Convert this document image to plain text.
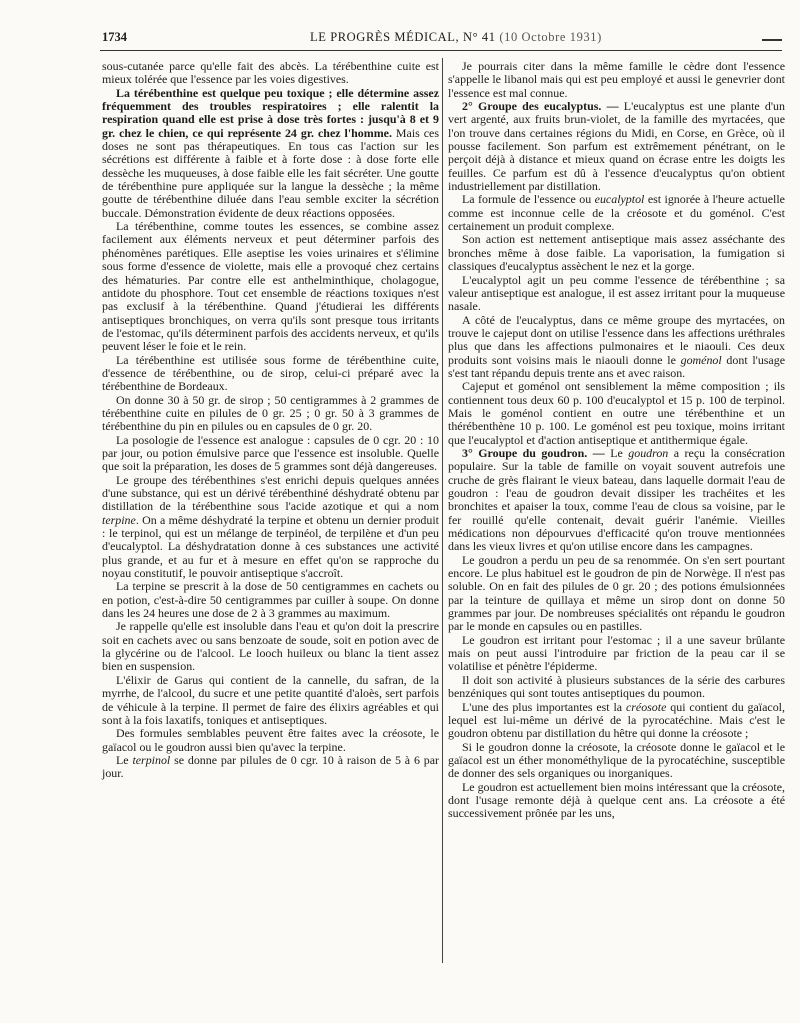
1734	LE PROGRÈS MÉDICAL, N° 41 (10 Octobre 1931)

sous-cutanée parce qu'elle fait des abcès. La térébenthine cuite est mieux tolérée que l'essence par les voies digestives.

La térébenthine est quelque peu toxique ; elle détermine assez fréquemment des troubles respiratoires ; elle ralentit la respiration quand elle est prise à dose très fortes : jusqu'à 8 et 9 gr. chez le chien, ce qui représente 24 gr. chez l'homme. Mais ces doses ne sont pas thérapeutiques. En tous cas l'action sur les sécrétions est différente à faible et à forte dose : à dose forte elle dessèche les muqueuses, à dose faible elle les fait sécréter. Une goutte de térébenthine pure appliquée sur la langue la dessèche ; la même goutte de térébenthine diluée dans l'eau semble exciter la sécrétion buccale. Démonstration évidente de deux réactions opposées.

La térébenthine, comme toutes les essences, se combine assez facilement aux éléments nerveux et peut déterminer parfois des phénomènes parétiques. Elle aseptise les voies urinaires et s'élimine sous forme d'essence de violette, mais elle a provoqué chez certains des hématuries. Par contre elle est anthelminthique, cholagogue, antidote du phosphore. Tout cet ensemble de réactions toxiques n'est pas exclusif à la térébenthine. Quand j'étudierai les différents antiseptiques bronchiques, on verra qu'ils sont presque tous irritants de l'estomac, qu'ils déterminent parfois des accidents nerveux, et qu'ils peuvent léser le foie et le rein.

La térébenthine est utilisée sous forme de térébenthine cuite, d'essence de térébenthine, ou de sirop, celui-ci préparé avec la térébenthine de Bordeaux.

On donne 30 à 50 gr. de sirop ; 50 centigrammes à 2 grammes de térébenthine cuite en pilules de 0 gr. 25 ; 0 gr. 50 à 3 grammes de térébenthine du pin en pilules ou en capsules de 0 gr. 20.

La posologie de l'essence est analogue : capsules de 0 cgr. 20 : 10 par jour, ou potion émulsive parce que l'essence est insoluble. Quelle que soit la préparation, les doses de 5 grammes sont déjà dangereuses.

Le groupe des térébenthines s'est enrichi depuis quelques années d'une substance, qui est un dérivé térébenthiné déshydraté obtenu par distillation de la térébenthine sous l'acide azotique et qui a nom terpine. On a même déshydraté la terpine et obtenu un dernier produit : le terpinol, qui est un mélange de terpinéol, de terpilène et d'un peu d'eucalyptol. La déshydratation donne à ces substances une activité plus grande, et au fur et à mesure en effet qu'on se rapproche du noyau constitutif, le pouvoir antiseptique s'accroît.

La terpine se prescrit à la dose de 50 centigrammes en cachets ou en potion, c'est-à-dire 50 centigrammes par cuiller à soupe. On donne dans les 24 heures une dose de 2 à 3 grammes au maximum.

Je rappelle qu'elle est insoluble dans l'eau et qu'on doit la prescrire soit en cachets avec ou sans benzoate de soude, soit en potion avec de la glycérine ou de l'alcool. Le looch huileux ou blanc la tient assez bien en suspension.

L'élixir de Garus qui contient de la cannelle, du safran, de la myrrhe, de l'alcool, du sucre et une petite quantité d'aloès, sert parfois de véhicule à la terpine. Il permet de faire des élixirs agréables et qui sont à la fois laxatifs, toniques et antiseptiques.

Des formules semblables peuvent être faites avec la créosote, le gaïacol ou le goudron aussi bien qu'avec la terpine.

Le terpinol se donne par pilules de 0 cgr. 10 à raison de 5 à 6 par jour.

Je pourrais citer dans la même famille le cèdre dont l'essence s'appelle le libanol mais qui est peu employé et aussi le genevrier dont l'essence est mal connue.

2° Groupe des eucalyptus. — L'eucalyptus est une plante d'un vert argenté, aux fruits brun-violet, de la famille des myrtacées, que l'on trouve dans certaines régions du Midi, en Corse, en Grèce, où il pousse facilement. Son parfum est extrêmement pénétrant, on le perçoit déjà à distance et mieux quand on écrase entre les doigts les feuilles. Ce parfum est dû à l'essence d'eucalyptus qu'on obtient industriellement par distillation.

La formule de l'essence ou eucalyptol est ignorée à l'heure actuelle comme est inconnue celle de la créosote et du goménol. C'est certainement un produit complexe.

Son action est nettement antiseptique mais assez asséchante des bronches même à dose faible. La vaporisation, la fumigation si classiques d'eucalyptus assèchent le nez et la gorge.

L'eucalyptol agit un peu comme l'essence de térébenthine ; sa valeur antiseptique est analogue, il est assez irritant pour la muqueuse nasale.

A côté de l'eucalyptus, dans ce même groupe des myrtacées, on trouve le cajeput dont on utilise l'essence dans les affections uréthrales plus que dans les affections pulmonaires et le niaouli. Ces deux produits sont voisins mais le niaouli donne le goménol dont l'usage s'est tant répandu depuis trente ans et avec raison.

Cajeput et goménol ont sensiblement la même composition ; ils contiennent tous deux 60 p. 100 d'eucalyptol et 15 p. 100 de terpinol. Mais le goménol contient en outre une térébenthine et un thérébenthène 10 p. 100. Le goménol est peu toxique, moins irritant que l'eucalyptol et d'action antiseptique et antithermique égale.

3° Groupe du goudron. — Le goudron a reçu la consécration populaire. Sur la table de famille on voyait souvent autrefois une cruche de grès flairant le vieux bateau, dans laquelle dormait l'eau de goudron : l'eau de goudron devait dissiper les trachéites et les bronchites et apaiser la toux, comme l'eau de clous sa voisine, par le fer rouillé qu'elle contenait, devait guérir l'anémie. Vieilles médications non dépourvues d'efficacité qu'on trouve mentionnées dans les vieux livres et qu'on utilise encore dans les campagnes.

Le goudron a perdu un peu de sa renommée. On s'en sert pourtant encore. Le plus habituel est le goudron de pin de Norwège. Il n'est pas soluble. On en fait des pilules de 0 gr. 20 ; des potions émulsionnées par la teinture de quillaya et même un sirop dont on donne 50 grammes par jour. De nombreuses spécialités ont répandu le goudron par le monde en capsules ou en pastilles.

Le goudron est irritant pour l'estomac ; il a une saveur brûlante mais on peut aussi l'introduire par friction de la peau car il se volatilise et pénètre l'épiderme.

Il doit son activité à plusieurs substances de la série des carbures benzéniques qui sont toutes antiseptiques du poumon.

L'une des plus importantes est la créosote qui contient du gaïacol, lequel est lui-même un dérivé de la pyrocatéchine. Mais c'est le goudron obtenu par distillation du hêtre qui donne la créosote ;

Si le goudron donne la créosote, la créosote donne le gaïacol et le gaïacol est un éther monométhylique de la pyrocatéchine, susceptible de donner des sels organiques ou inorganiques.

Le goudron est actuellement bien moins intéressant que la créosote, dont l'usage remonte déjà à quelque cent ans. La créosote a été successivement prônée par les uns,
